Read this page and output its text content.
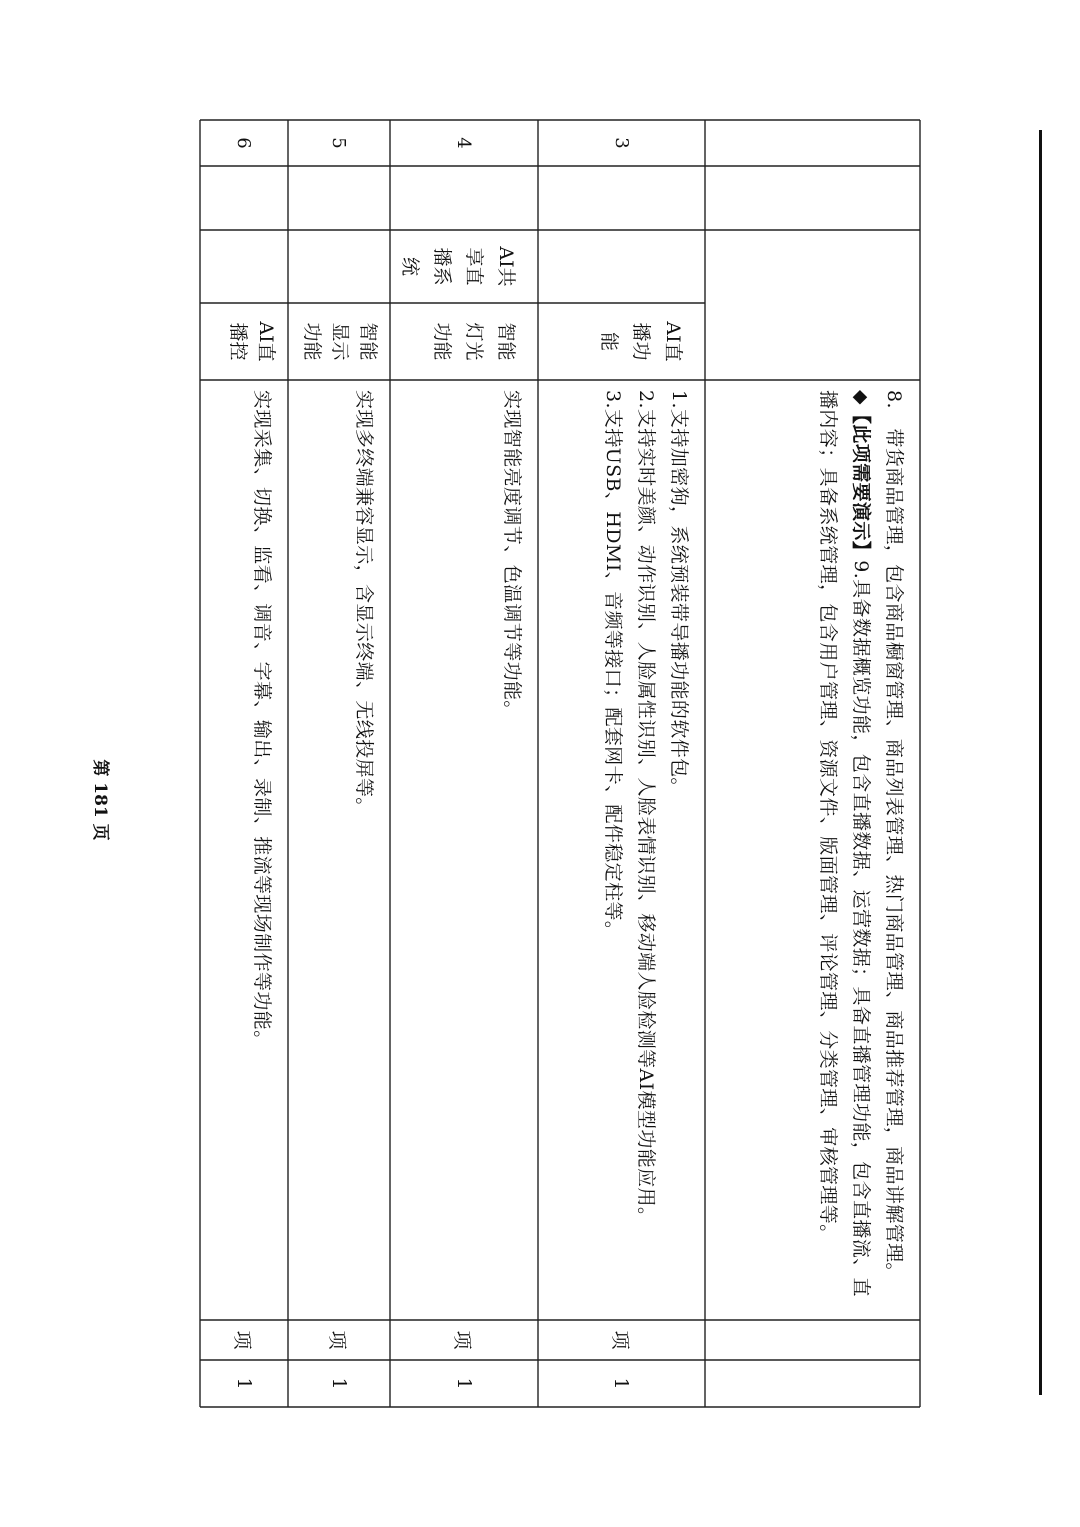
8.　带货商品管理，包含商品橱窗管理、商品列表管理、热门商品管理、商品推荐管理，商品讲解管理。

◆【此项需要演示】9.具备数据概览功能，包含直播数据、运营数据；具备直播管理功能，包含直播流、直播内容；具备系统管理，包含用户管理、资源文件、版面管理、评论管理、分类管理、审核管理等。

3
AI直播功能

1.支持加密狗，系统预装带导播功能的软件包。

2.支持实时美颜、动作识别、人脸属性识别、人脸表情识别、移动端人脸检测等AI模型功能应用。

3.支持USB、HDMI、音频等接口；配套网卡、配件稳定柱等。

项
1
AI共享直播系统
4
智能灯光功能

实现智能亮度调节、色温调节等功能。

项
1
5
智能显示功能

实现多终端兼容显示，含显示终端、无线投屏等。

项
1
6
AI直播控

实现采集、切换、监看、调音、字幕、输出、录制、推流等现场制作等功能。

项
1
第 181 页
